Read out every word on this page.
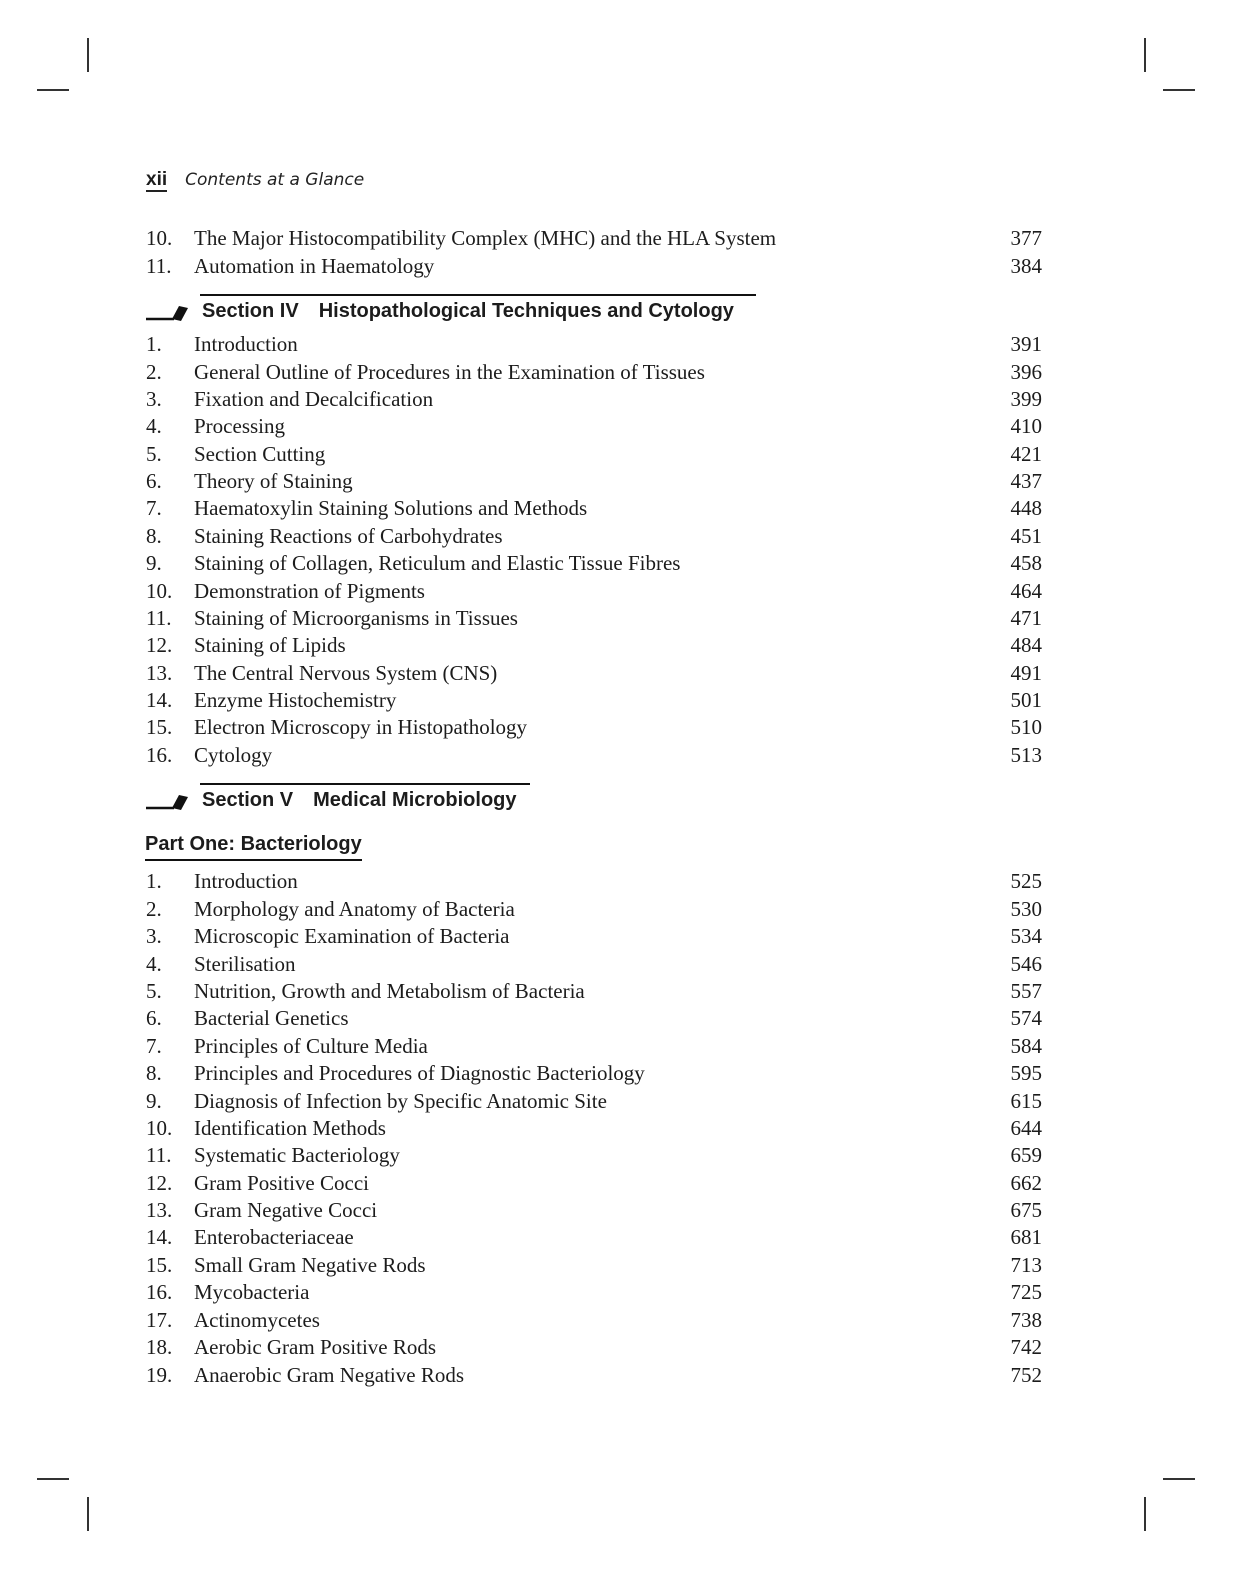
xii Contents at a Glance
10. The Major Histocompatibility Complex (MHC) and the HLA System	377
11. Automation in Haematology	384
Section IV Histopathological Techniques and Cytology
1. Introduction	391
2. General Outline of Procedures in the Examination of Tissues	396
3. Fixation and Decalcification	399
4. Processing	410
5. Section Cutting	421
6. Theory of Staining	437
7. Haematoxylin Staining Solutions and Methods	448
8. Staining Reactions of Carbohydrates	451
9. Staining of Collagen, Reticulum and Elastic Tissue Fibres	458
10. Demonstration of Pigments	464
11. Staining of Microorganisms in Tissues	471
12. Staining of Lipids	484
13. The Central Nervous System (CNS)	491
14. Enzyme Histochemistry	501
15. Electron Microscopy in Histopathology	510
16. Cytology	513
Section V Medical Microbiology
Part One: Bacteriology
1. Introduction	525
2. Morphology and Anatomy of Bacteria	530
3. Microscopic Examination of Bacteria	534
4. Sterilisation	546
5. Nutrition, Growth and Metabolism of Bacteria	557
6. Bacterial Genetics	574
7. Principles of Culture Media	584
8. Principles and Procedures of Diagnostic Bacteriology	595
9. Diagnosis of Infection by Specific Anatomic Site	615
10. Identification Methods	644
11. Systematic Bacteriology	659
12. Gram Positive Cocci	662
13. Gram Negative Cocci	675
14. Enterobacteriaceae	681
15. Small Gram Negative Rods	713
16. Mycobacteria	725
17. Actinomycetes	738
18. Aerobic Gram Positive Rods	742
19. Anaerobic Gram Negative Rods	752
